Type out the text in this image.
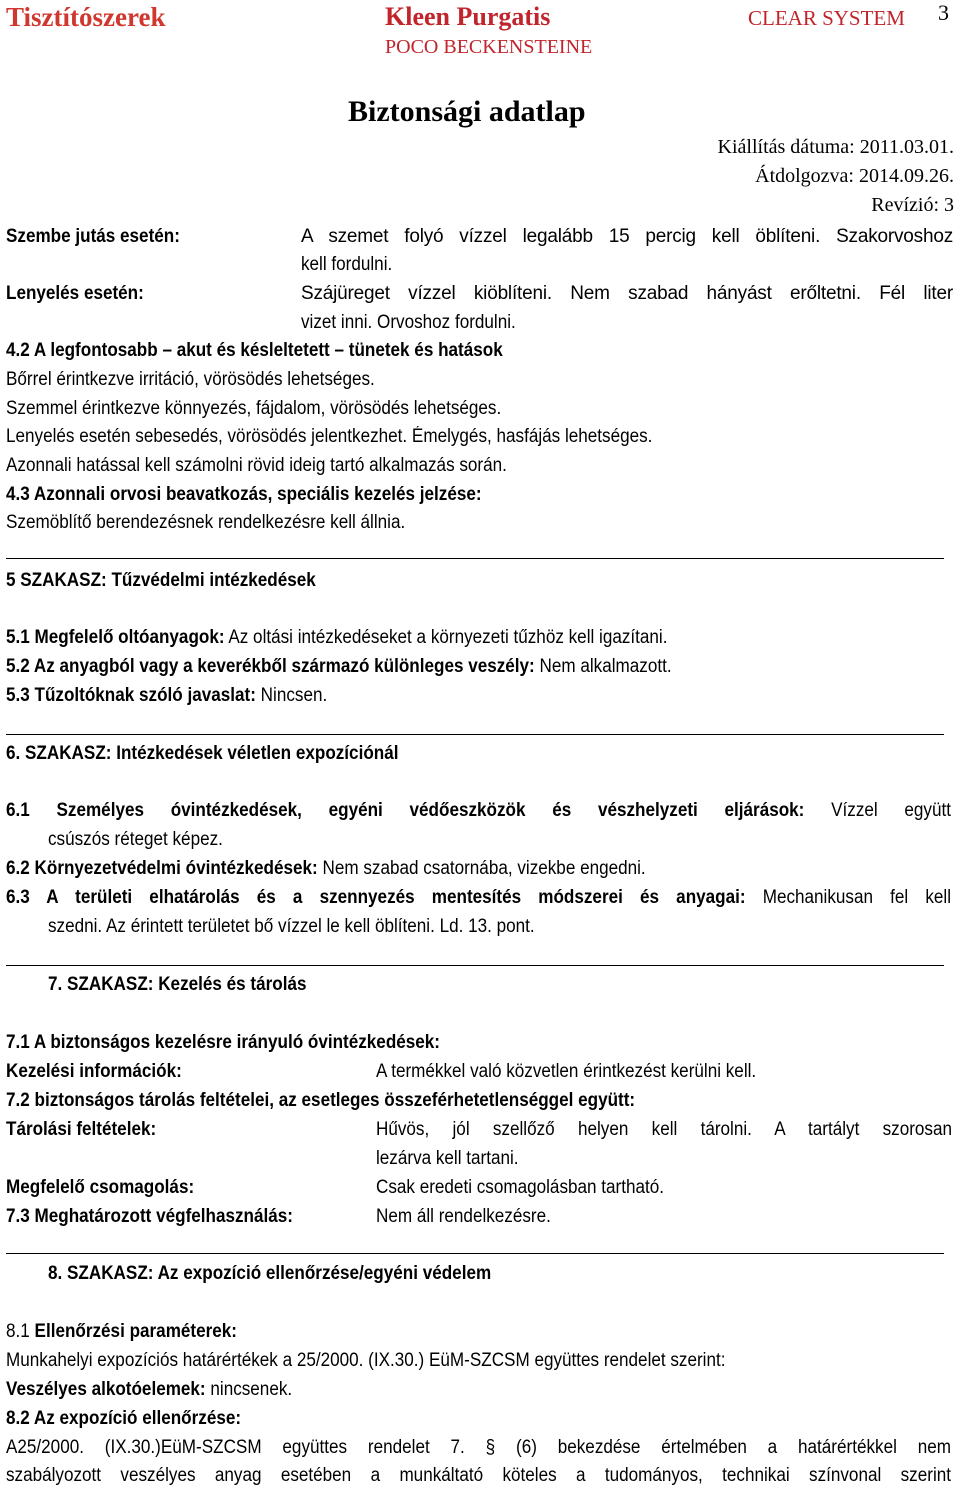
Tisztítószerek	Kleen Purgatis
POCO BECKENSTEINE
CLEAR SYSTEM 3
Biztonsági adatlap
Kiállítás dátuma: 2011.03.01.
Átdolgozva: 2014.09.26.
Revízió: 3
Szembe jutás esetén:	A szemet folyó vízzel legalább 15 percig kell öblíteni. Szakorvoshoz
kell fordulni.
Lenyelés esetén:	Szájüreget vízzel kiöblíteni. Nem szabad hányást erőltetni. Fél liter
vizet inni. Orvoshoz fordulni.
4.2 A legfontosabb – akut és késleltetett – tünetek és hatások
Bőrrel érintkezve irritáció, vörösödés lehetséges.
Szemmel érintkezve könnyezés, fájdalom, vörösödés lehetséges.
Lenyelés esetén sebesedés, vörösödés jelentkezhet. Émelygés, hasfájás lehetséges.
Azonnali hatással kell számolni rövid ideig tartó alkalmazás során.
4.3 Azonnali orvosi beavatkozás, speciális kezelés jelzése:
Szemöblítő berendezésnek rendelkezésre kell állnia.
5 SZAKASZ: Tűzvédelmi intézkedések
5.1 Megfelelő oltóanyagok: Az oltási intézkedéseket a környezeti tűzhöz kell igazítani.
5.2 Az anyagból vagy a keverékből származó különleges veszély: Nem alkalmazott.
5.3 Tűzoltóknak szóló javaslat: Nincsen.
6. SZAKASZ: Intézkedések véletlen expozíciónál
6.1 Személyes óvintézkedések, egyéni védőeszközök és vészhelyzeti eljárások: Vízzel együtt
csúszós réteget képez.
6.2 Környezetvédelmi óvintézkedések: Nem szabad csatornába, vizekbe engedni.
6.3 A területi elhatárolás és a szennyezés mentesítés módszerei és anyagai: Mechanikusan fel kell
szedni. Az érintett területet bő vízzel le kell öblíteni. Ld. 13. pont.
7. SZAKASZ: Kezelés és tárolás
7.1 A biztonságos kezelésre irányuló óvintézkedések:
Kezelési információk:	A termékkel való közvetlen érintkezést kerülni kell.
7.2 biztonságos tárolás feltételei, az esetleges összeférhetetlenséggel együtt:
Tárolási feltételek:	Hűvös, jól szellőző helyen kell tárolni. A tartályt szorosan
lezárva kell tartani.
Megfelelő csomagolás:	Csak eredeti csomagolásban tartható.
7.3 Meghatározott végfelhasználás:	Nem áll rendelkezésre.
8. SZAKASZ: Az expozíció ellenőrzése/egyéni védelem
8.1 Ellenőrzési paraméterek:
Munkahelyi expozíciós határértékek a 25/2000. (IX.30.) EüM-SZCSM együttes rendelet szerint:
Veszélyes alkotóelemek: nincsenek.
8.2 Az expozíció ellenőrzése:
A25/2000. (IX.30.)EüM-SZCSM együttes rendelet 7. § (6) bekezdése értelmében a határértékkel nem
szabályozott veszélyes anyag esetében a munkáltató köteles a tudományos, technikai színvonal szerint
